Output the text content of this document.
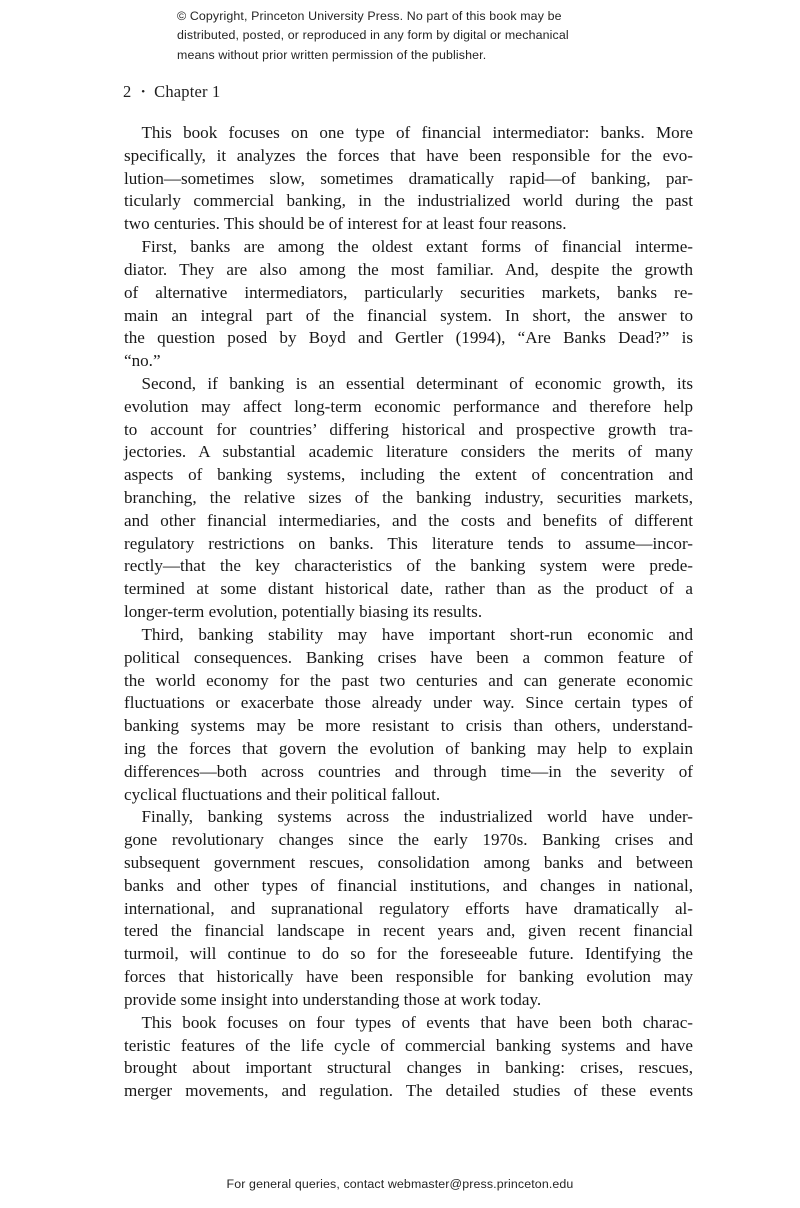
© Copyright, Princeton University Press. No part of this book may be
distributed, posted, or reproduced in any form by digital or mechanical
means without prior written permission of the publisher.
2 • Chapter 1
This book focuses on one type of financial intermediator: banks. More
specifically, it analyzes the forces that have been responsible for the evo-
lution—sometimes slow, sometimes dramatically rapid—of banking, par-
ticularly commercial banking, in the industrialized world during the past
two centuries. This should be of interest for at least four reasons.
First, banks are among the oldest extant forms of financial interme-
diator. They are also among the most familiar. And, despite the growth
of alternative intermediators, particularly securities markets, banks re-
main an integral part of the financial system. In short, the answer to
the question posed by Boyd and Gertler (1994), “Are Banks Dead?” is
“no.”
Second, if banking is an essential determinant of economic growth, its
evolution may affect long-term economic performance and therefore help
to account for countries’ differing historical and prospective growth tra-
jectories. A substantial academic literature considers the merits of many
aspects of banking systems, including the extent of concentration and
branching, the relative sizes of the banking industry, securities markets,
and other financial intermediaries, and the costs and benefits of different
regulatory restrictions on banks. This literature tends to assume—incor-
rectly—that the key characteristics of the banking system were prede-
termined at some distant historical date, rather than as the product of a
longer-term evolution, potentially biasing its results.
Third, banking stability may have important short-run economic and
political consequences. Banking crises have been a common feature of
the world economy for the past two centuries and can generate economic
fluctuations or exacerbate those already under way. Since certain types of
banking systems may be more resistant to crisis than others, understand-
ing the forces that govern the evolution of banking may help to explain
differences—both across countries and through time—in the severity of
cyclical fluctuations and their political fallout.
Finally, banking systems across the industrialized world have under-
gone revolutionary changes since the early 1970s. Banking crises and
subsequent government rescues, consolidation among banks and between
banks and other types of financial institutions, and changes in national,
international, and supranational regulatory efforts have dramatically al-
tered the financial landscape in recent years and, given recent financial
turmoil, will continue to do so for the foreseeable future. Identifying the
forces that historically have been responsible for banking evolution may
provide some insight into understanding those at work today.
This book focuses on four types of events that have been both charac-
teristic features of the life cycle of commercial banking systems and have
brought about important structural changes in banking: crises, rescues,
merger movements, and regulation. The detailed studies of these events
For general queries, contact webmaster@press.princeton.edu
